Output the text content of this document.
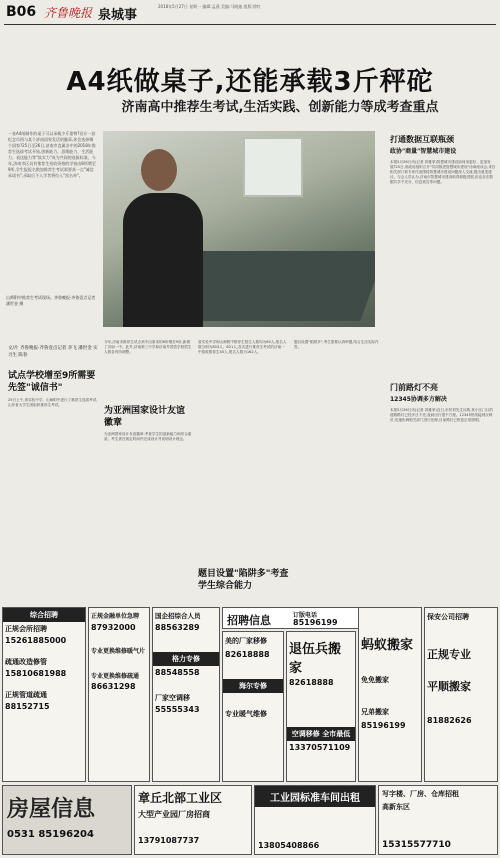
B06 齐鲁晚报 泉城事
2018年5月27日 星期一 编辑:孟燕 美编:马晓迪 组版:徐红
A4纸做桌子,还能承载3斤秤砣
济南高中推荐生考试,生活实践、创新能力等成考查重点
一张A4纸制作的桌子可以承载少斤重物?设计一款纪念币图与某个济南国家发话的徽章,你会选择哪个国家?25日至26日,济南市直属各中的2018年推荐生选拔考试开始,创新能力、思维能力、生活能力、表达能力等"软实力"成为共同的选拔标准。今年,济南市区具有推荐生招收资格的学校由8所增至9所,学生报报名数加推荐生考试需要获一点"诚信承诺书",录取后不入学者将拉入"黑名单"。
山师附中推荐生考试现场。齐鲁晚报·齐鲁壹点记者 潘世金 摄
文/片 齐鲁晚报·齐鲁壹点记者 李飞 潘世金 实习生 陈春
试点学校增至9所需要先签"诚信书"
25日上午,省实验中学、山师附中进行了推荐生选拔考试,山东省大学生团组织推荐生考试。
今年,济南市推荐生试点高中由原来的8所增至9所,新增了济南一中。此外,济南第三中学和济南外国语学校招生人数各有所调整。
为亚洲国家设计友谊徽章
为亚洲国家设计友谊徽章,考查学生的创新能力和综合素质。考生需在规定时间内完成设计并说明设计理念。
省实验中学和山师附中推荐生招生人数均为80人,报名人数分别为803人、821人,首次进行推荐生考试的济南一中招收推荐生40人,报名人数为162人。
题目设置"陷阱多"考查学生综合能力
题目设置"陷阱多",考生需要认真审题,结合生活实际作答。
打通数据互联瓶颈
政协"商量"智慧城市建设
本报5月26日讯(记者 刘雅菲)智慧城市建设如何用更好、更加发展?25日,省政协组织召开"共同推进智慧城市建设"协商座谈会,来自相关部门和专家代表围绕智慧城市建设问题深入交流,提出意见建议。与会人员认为,济南市智慧城市建设取得积极进展,但也存在数据共享不充分、信息孤岛等问题。
门前路灯不亮
12345协调多方解决
本报5月26日讯(记者 刘雅菲)近日,市民刘先生反映,其小区门口的道路路灯已经多日不亮,夜间出行很不方便。12345热线接到反映后,迅速协调相关部门进行处理,目前路灯已恢复正常照明。
招聘信息	订版电话
85196199
综合招聘
正规会所招聘
15261885000
疏通改造修管
15810681988
正规管道疏通
88152715
正规金融单位急聘
87932000
专业更换维修暖气片
专业更换维修疏通
86631298
国企招综合人员
88563289
格力专修
88548558
厂家空调移
55555343
美的厂家移修
82618888
海尔专修
专业暖气维修
退伍兵搬家
82618888
空调移修 全市最低
13370571109
蚂蚁搬家
免免搬家
兄弟搬家
85196199
保安公司招聘
正规专业
平顺搬家
81882626
房屋信息
0531 85196204
章丘北部工业区
大型产业园厂房招商
13791087737
工业园标准车间出租
13805408866
写字楼、厂房、仓库招租
高新东区
15315577710
